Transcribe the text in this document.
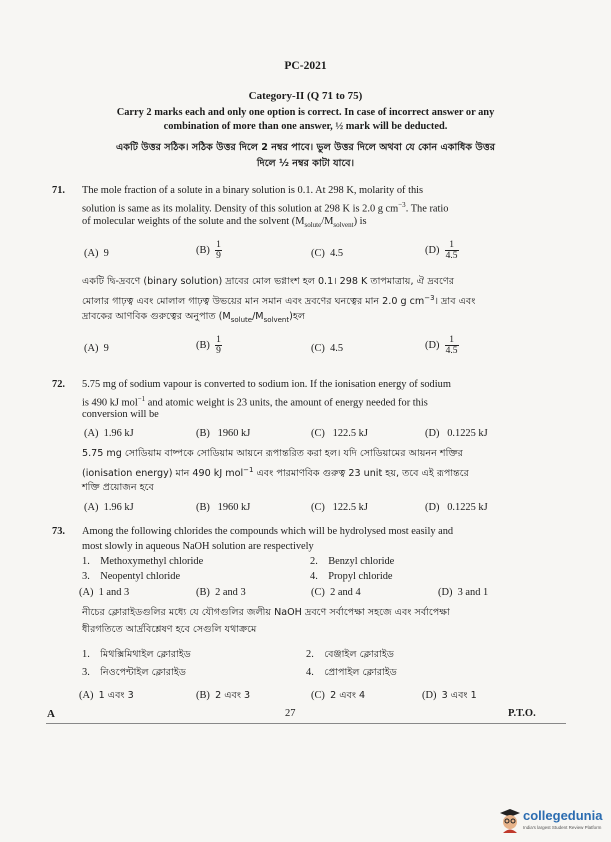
PC-2021
Category-II (Q 71 to 75)
Carry 2 marks each and only one option is correct. In case of incorrect answer or any
combination of more than one answer, ½ mark will be deducted.
একটি উত্তর সঠিক। সঠিক উত্তর দিলে 2 নম্বর পাবে। ভুল উত্তর দিলে অথবা যে কোন একাধিক উত্তর
দিলে ½ নম্বর কাটা যাবে।
71. The mole fraction of a solute in a binary solution is 0.1. At 298 K, molarity of this
solution is same as its molality. Density of this solution at 298 K is 2.0 g $cm^{-3}$. The ratio
of molecular weights of the solute and the solvent $(M_{solute}/M_{solvent})$ is
(A) 9	$(B) \frac{1}{9}$	(C) 4.5	$(D) \frac{1}{4.5}$
একটি দ্বি-দ্রবণে (binary solution) দ্রাবের মোল ভগ্নাংশ হল 0.1। 298 K তাপমাত্রায়, ঐ দ্রবণের
মোলার গাঢ়ত্ব এবং মোলাল গাঢ়ত্ব উভয়ের মান সমান এবং দ্রবণের ঘনত্বের মান 2.0 g $cm^{-3}।$ দ্রাব এবং
দ্রাবকের আণবিক গুরুত্বের অনুপাত $(M_{solute}/M_{solvent})হল$
(A) 9	$(B) \frac{1}{9}$	(C) 4.5	$(D) \frac{1}{4.5}$
72. 5.75 mg of sodium vapour is converted to sodium ion. If the ionisation energy of sodium
is 490 kJ mol$^{-1}$ and atomic weight is 23 units, the amount of energy needed for this
conversion will be
(A) 1.96 kJ	(B) 1960 kJ	(C) 122.5 kJ	(D) 0.1225 kJ
5.75 mg সোডিয়াম বাষ্পকে সোডিয়াম আয়নে রূপান্তরিত করা হল। যদি সোডিয়ামের আয়নন শক্তির
(ionisation energy) মান 490 kJ mol$^{-1}$ এবং পারমাণবিক গুরুত্ব 23 unit হয়, তবে এই রূপান্তরে
শক্তি প্রয়োজন হবে
(A) 1.96 kJ	(B) 1960 kJ	(C) 122.5 kJ	(D) 0.1225 kJ
73. Among the following chlorides the compounds which will be hydrolysed most easily and
most slowly in aqueous NaOH solution are respectively
1. Methoxymethyl chloride	2. Benzyl chloride
3. Neopentyl chloride	4. Propyl chloride
(A) 1 and 3	(B) 2 and 3	(C) 2 and 4	(D) 3 and 1
নীচের ক্লোরাইডগুলির মধ্যে যে যৌগগুলির জলীয় NaOH দ্রবণে সর্বাপেক্ষা সহজে এবং সর্বাপেক্ষা
ধীরগতিতে আর্দ্রবিশ্লেষণ হবে সেগুলি যথাক্রমে
1. মিথক্সিমিথাইল ক্লোরাইড	2. বেঞ্জাইল ক্লোরাইড
3. নিওপেন্টাইল ক্লোরাইড	4. প্রোপাইল ক্লোরাইড
(A) 1 এবং 3	(B) 2 এবং 3	(C) 2 এবং 4	(D) 3 এবং 1
A	27	P.T.O.
collegedunia
India's largest Student Review Platform
